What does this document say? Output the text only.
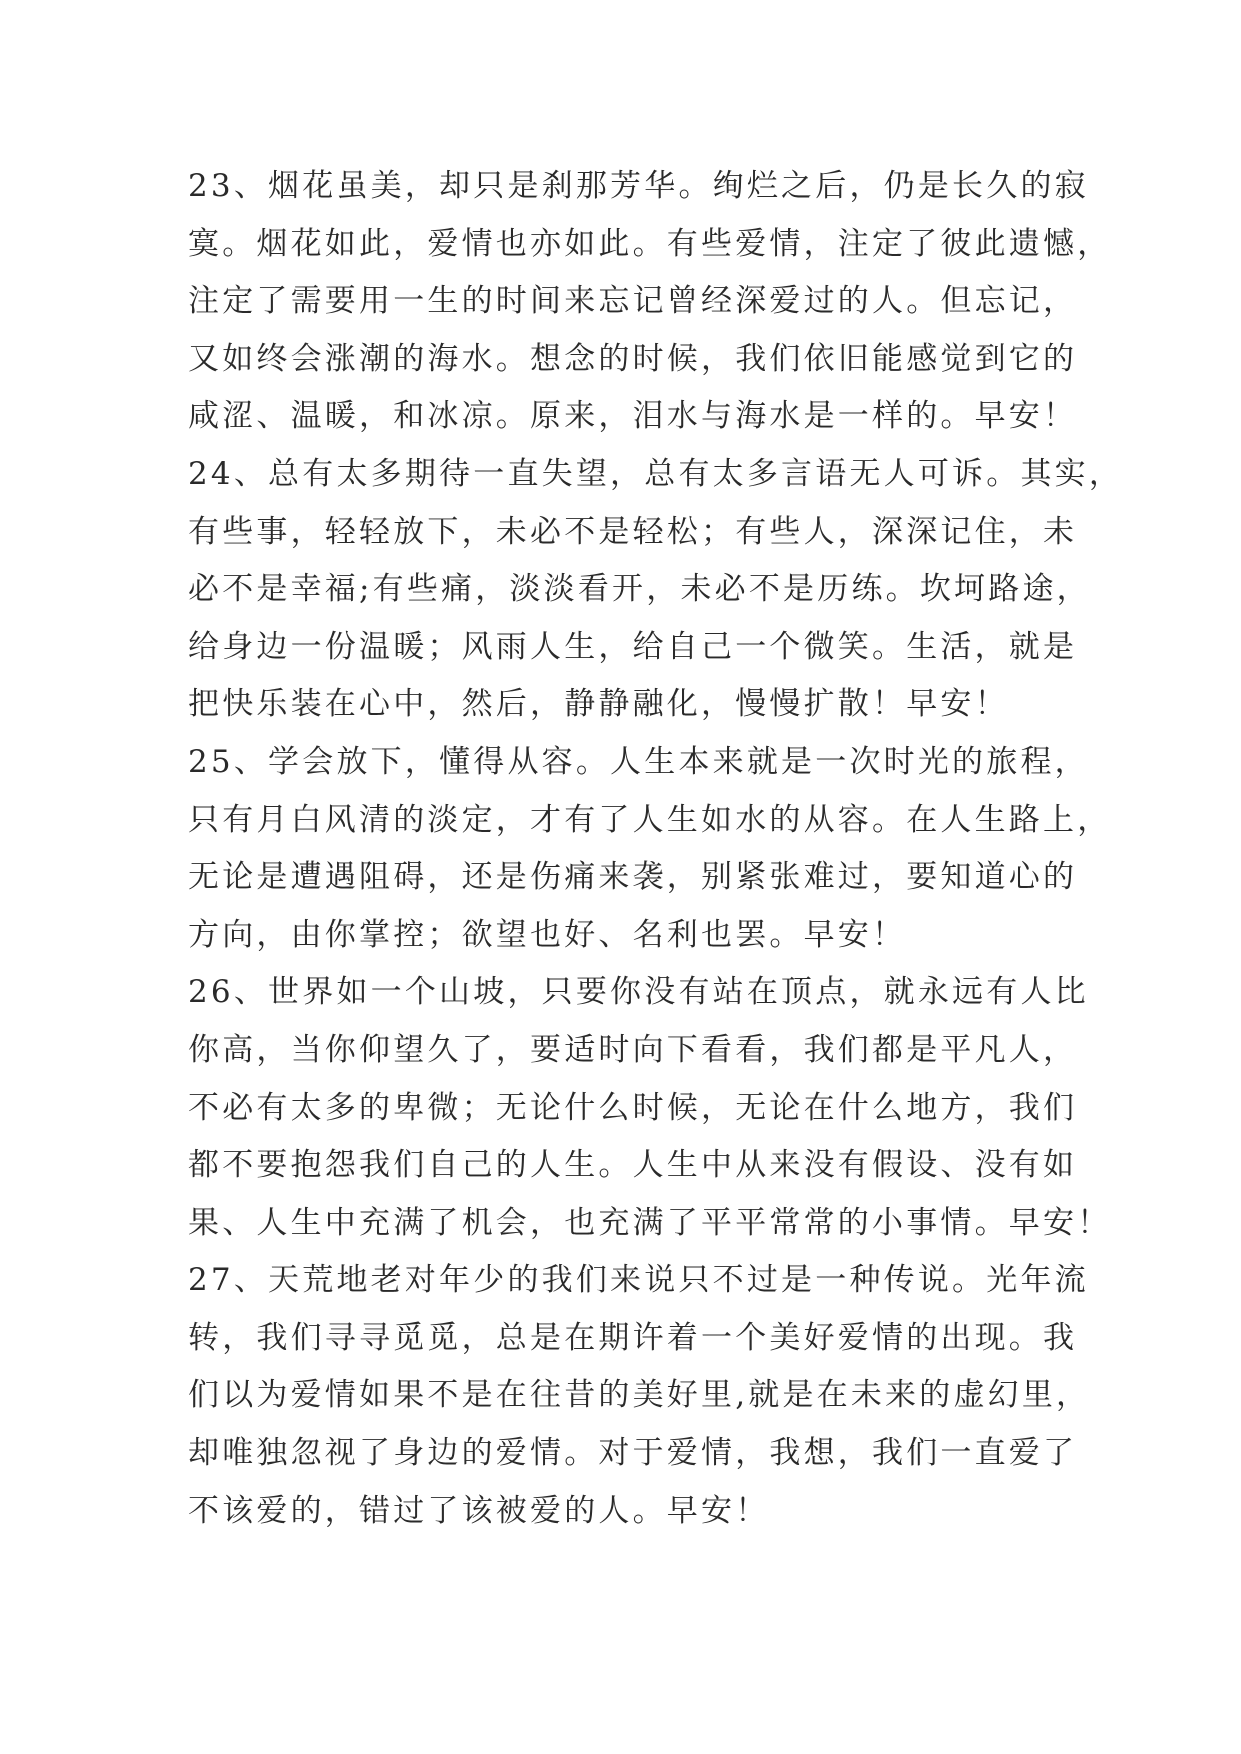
23、烟花虽美，却只是刹那芳华。绚烂之后，仍是长久的寂

寞。烟花如此，爱情也亦如此。有些爱情，注定了彼此遗憾，

注定了需要用一生的时间来忘记曾经深爱过的人。但忘记，

又如终会涨潮的海水。想念的时候，我们依旧能感觉到它的

咸涩、温暖，和冰凉。原来，泪水与海水是一样的。早安！

24、总有太多期待一直失望，总有太多言语无人可诉。其实，

有些事，轻轻放下，未必不是轻松；有些人，深深记住，未

必不是幸福;有些痛，淡淡看开，未必不是历练。坎坷路途，

给身边一份温暖；风雨人生，给自己一个微笑。生活，就是

把快乐装在心中，然后，静静融化，慢慢扩散！早安！

25、学会放下，懂得从容。人生本来就是一次时光的旅程，

只有月白风清的淡定，才有了人生如水的从容。在人生路上，

无论是遭遇阻碍，还是伤痛来袭，别紧张难过，要知道心的

方向，由你掌控；欲望也好、名利也罢。早安！

26、世界如一个山坡，只要你没有站在顶点，就永远有人比

你高，当你仰望久了，要适时向下看看，我们都是平凡人，

不必有太多的卑微；无论什么时候，无论在什么地方，我们

都不要抱怨我们自己的人生。人生中从来没有假设、没有如

果、人生中充满了机会，也充满了平平常常的小事情。早安！

27、天荒地老对年少的我们来说只不过是一种传说。光年流

转，我们寻寻觅觅，总是在期许着一个美好爱情的出现。我

们以为爱情如果不是在往昔的美好里,就是在未来的虚幻里，

却唯独忽视了身边的爱情。对于爱情，我想，我们一直爱了

不该爱的，错过了该被爱的人。早安！
